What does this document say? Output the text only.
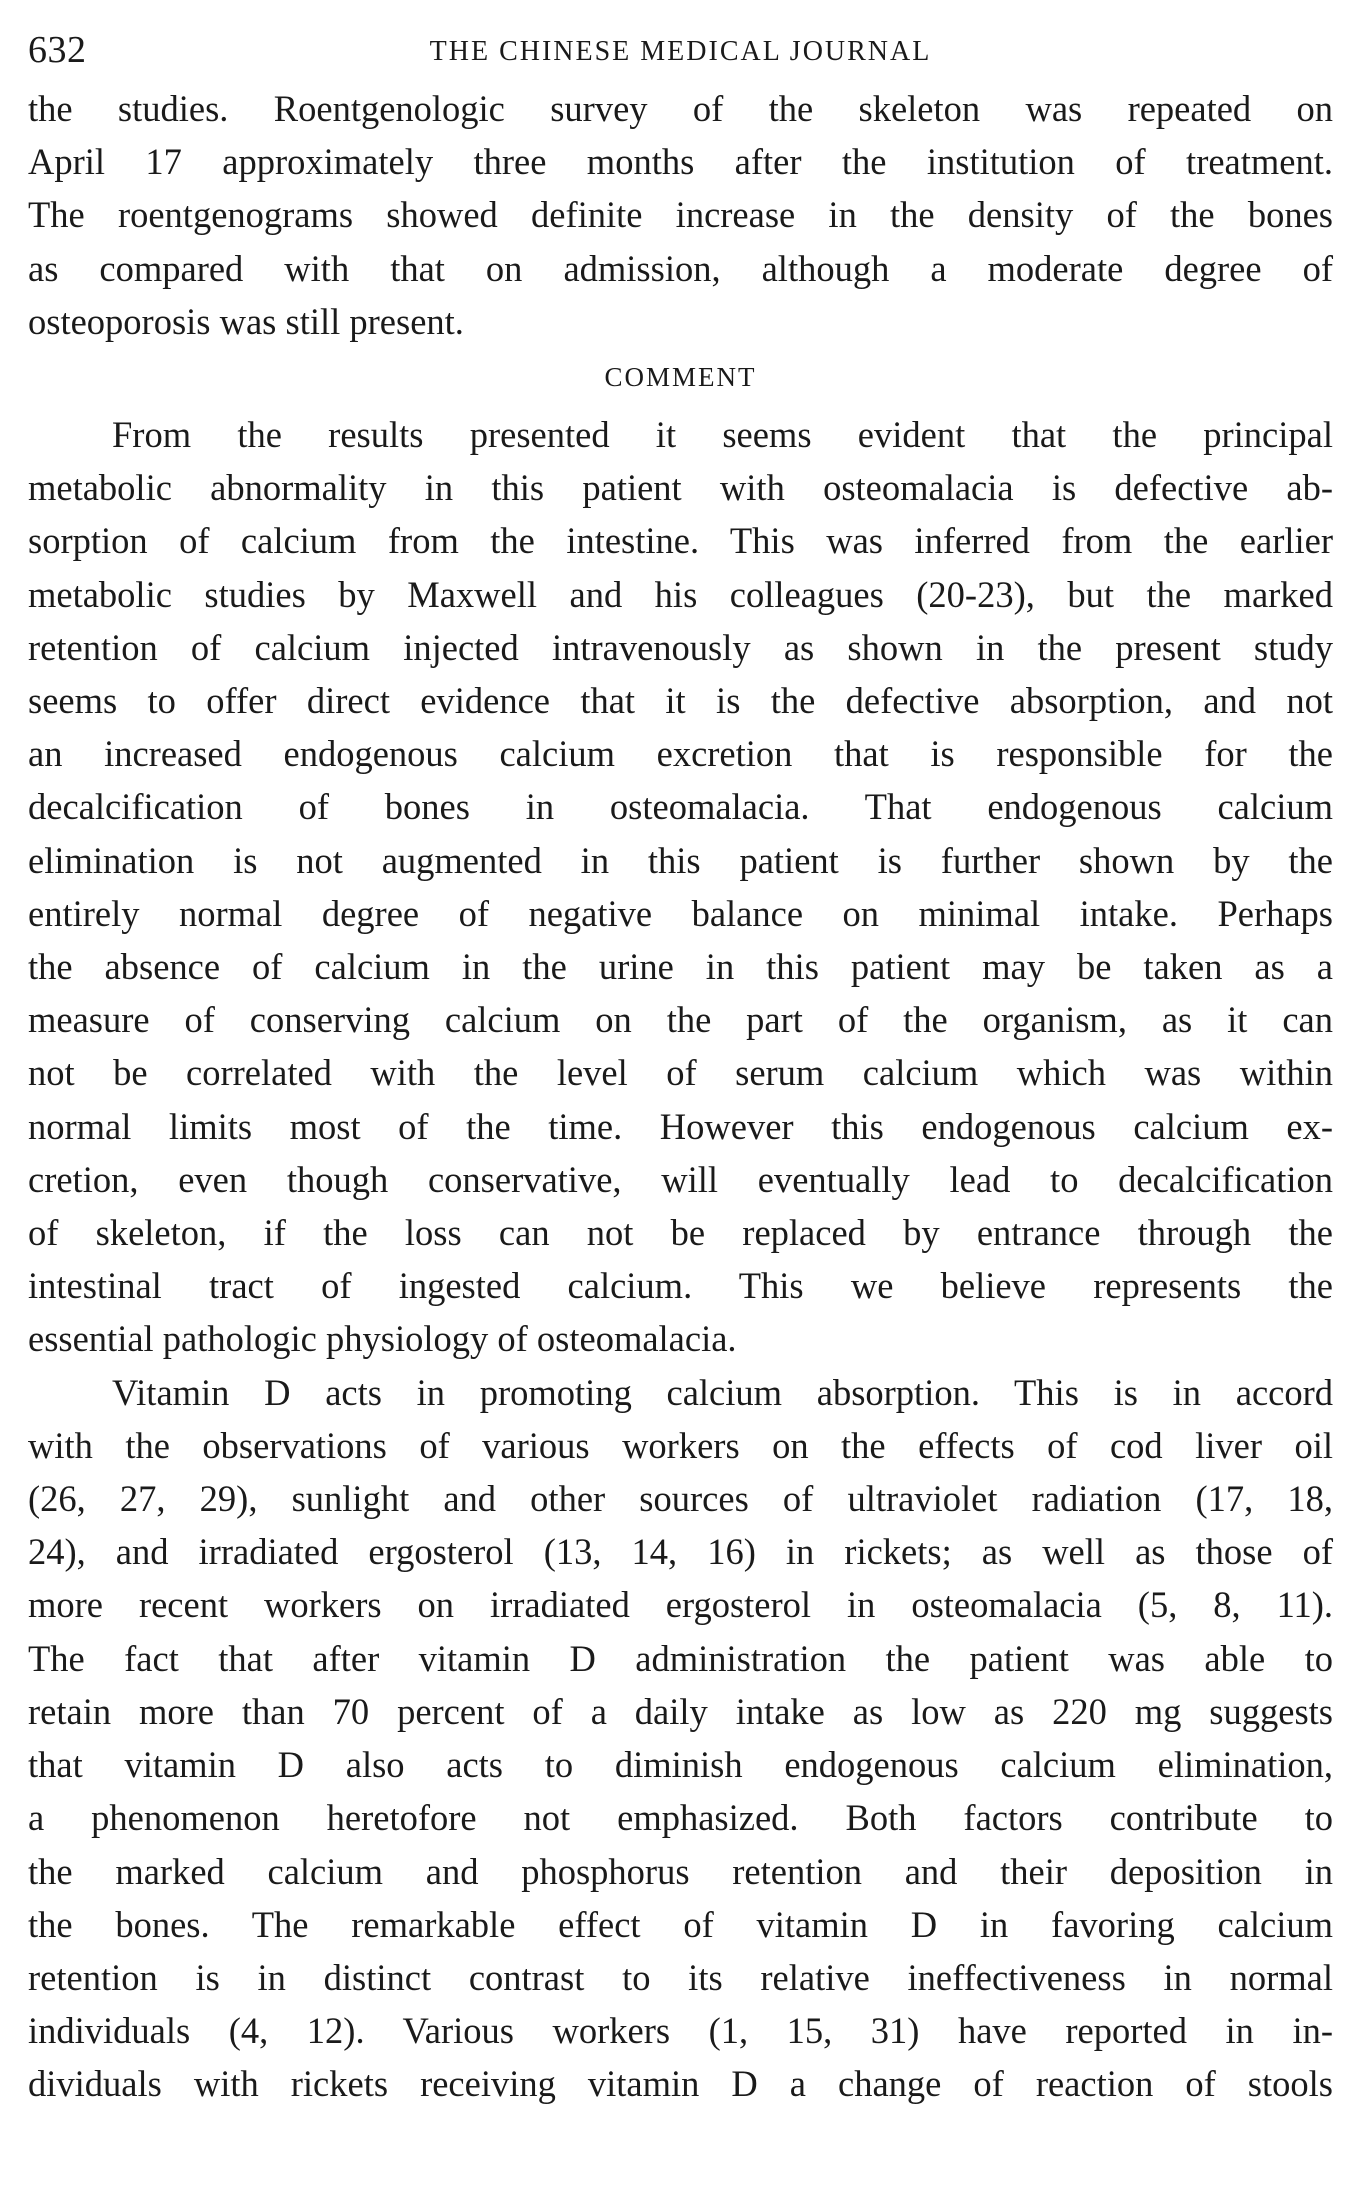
632	THE CHINESE MEDICAL JOURNAL

the studies. Roentgenologic survey of the skeleton was repeated on
April 17 approximately three months after the institution of treatment.
The roentgenograms showed definite increase in the density of the bones
as compared with that on admission, although a moderate degree of
osteoporosis was still present.

COMMENT

From the results presented it seems evident that the principal
metabolic abnormality in this patient with osteomalacia is defective ab-
sorption of calcium from the intestine. This was inferred from the earlier
metabolic studies by Maxwell and his colleagues (20-23), but the marked
retention of calcium injected intravenously as shown in the present study
seems to offer direct evidence that it is the defective absorption, and not
an increased endogenous calcium excretion that is responsible for the
decalcification of bones in osteomalacia. That endogenous calcium
elimination is not augmented in this patient is further shown by the
entirely normal degree of negative balance on minimal intake. Perhaps
the absence of calcium in the urine in this patient may be taken as a
measure of conserving calcium on the part of the organism, as it can
not be correlated with the level of serum calcium which was within
normal limits most of the time. However this endogenous calcium ex-
cretion, even though conservative, will eventually lead to decalcification
of skeleton, if the loss can not be replaced by entrance through the
intestinal tract of ingested calcium. This we believe represents the
essential pathologic physiology of osteomalacia.

Vitamin D acts in promoting calcium absorption. This is in accord
with the observations of various workers on the effects of cod liver oil
(26, 27, 29), sunlight and other sources of ultraviolet radiation (17, 18,
24), and irradiated ergosterol (13, 14, 16) in rickets; as well as those of
more recent workers on irradiated ergosterol in osteomalacia (5, 8, 11).
The fact that after vitamin D administration the patient was able to
retain more than 70 percent of a daily intake as low as 220 mg suggests
that vitamin D also acts to diminish endogenous calcium elimination,
a phenomenon heretofore not emphasized. Both factors contribute to
the marked calcium and phosphorus retention and their deposition in
the bones. The remarkable effect of vitamin D in favoring calcium
retention is in distinct contrast to its relative ineffectiveness in normal
individuals (4, 12). Various workers (1, 15, 31) have reported in in-
dividuals with rickets receiving vitamin D a change of reaction of stools
